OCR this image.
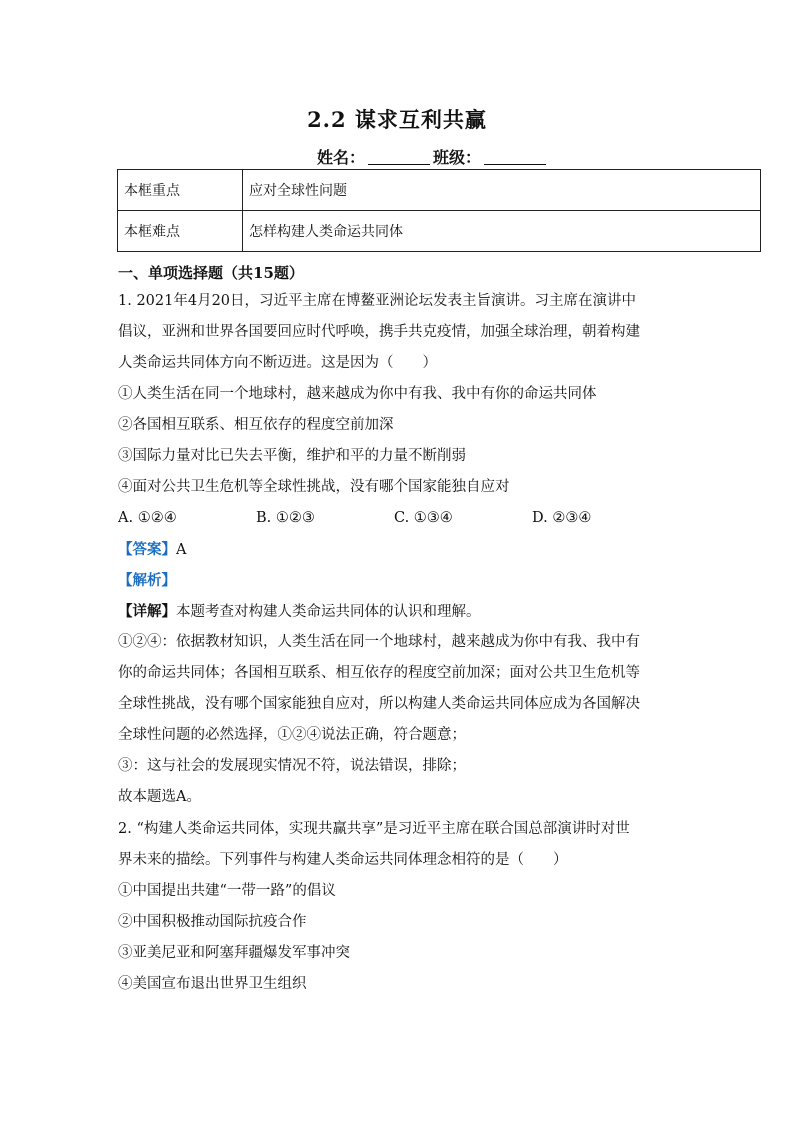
2.2 谋求互利共赢
姓名：	班级：
本框重点	应对全球性问题
本框难点	怎样构建人类命运共同体
一、单项选择题（共15题）
1. 2021年4月20日，习近平主席在博鳌亚洲论坛发表主旨演讲。习主席在演讲中
倡议，亚洲和世界各国要回应时代呼唤，携手共克疫情，加强全球治理，朝着构建
人类命运共同体方向不断迈进。这是因为（　　）
①人类生活在同一个地球村，越来越成为你中有我、我中有你的命运共同体
②各国相互联系、相互依存的程度空前加深
③国际力量对比已失去平衡，维护和平的力量不断削弱
④面对公共卫生危机等全球性挑战，没有哪个国家能独自应对
A. ①②④	B. ①②③	C. ①③④	D. ②③④
【答案】A
【解析】
【详解】本题考查对构建人类命运共同体的认识和理解。
①②④：依据教材知识，人类生活在同一个地球村，越来越成为你中有我、我中有
你的命运共同体；各国相互联系、相互依存的程度空前加深；面对公共卫生危机等
全球性挑战，没有哪个国家能独自应对，所以构建人类命运共同体应成为各国解决
全球性问题的必然选择，①②④说法正确，符合题意；
③：这与社会的发展现实情况不符，说法错误，排除；
故本题选A。
2. “构建人类命运共同体，实现共赢共享”是习近平主席在联合国总部演讲时对世
界未来的描绘。下列事件与构建人类命运共同体理念相符的是（　　）
①中国提出共建“一带一路”的倡议
②中国积极推动国际抗疫合作
③亚美尼亚和阿塞拜疆爆发军事冲突
④美国宣布退出世界卫生组织
